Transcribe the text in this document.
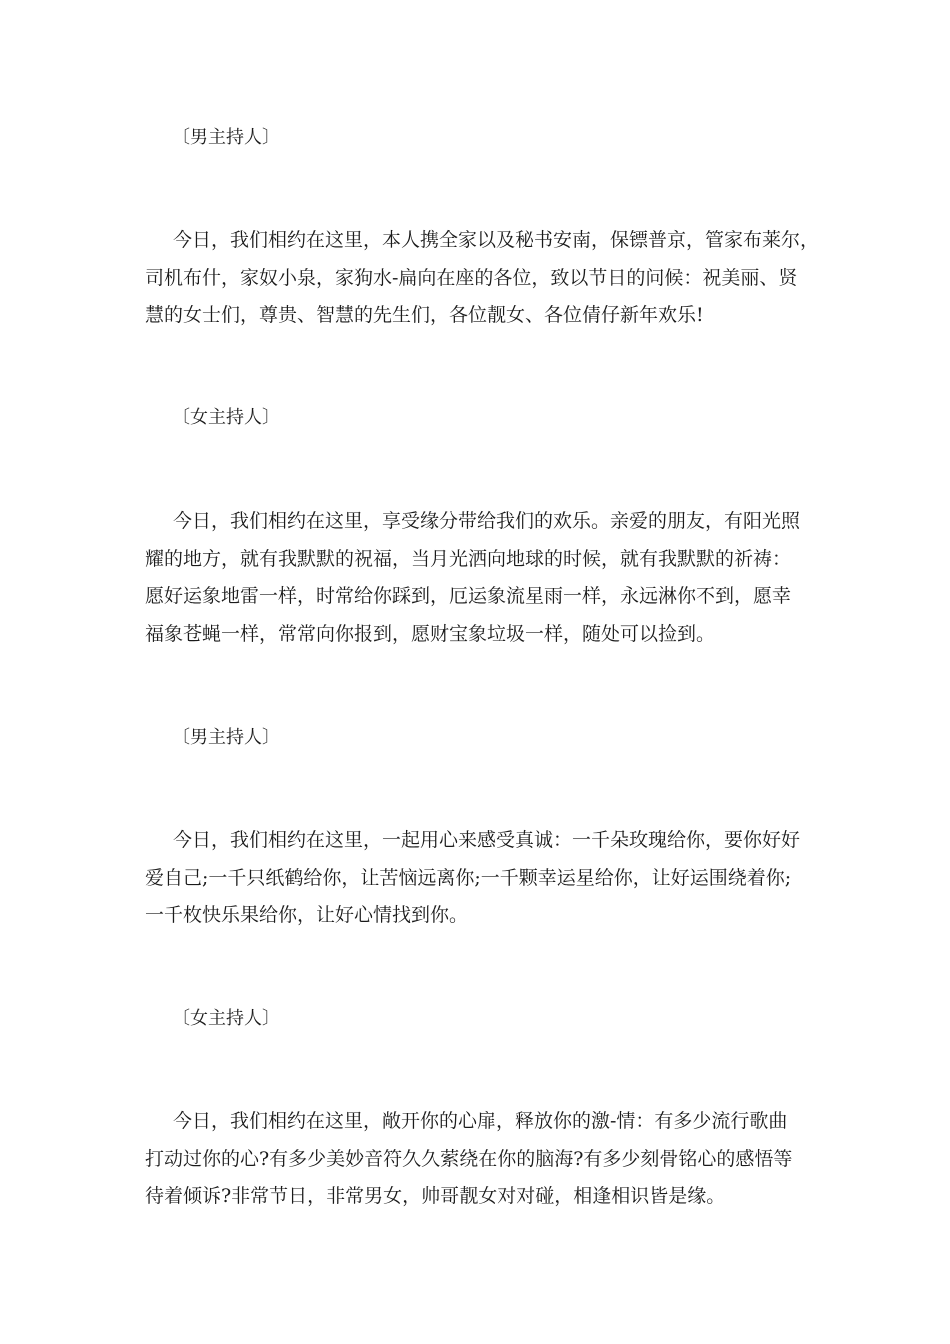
〔男主持人〕

今日，我们相约在这里，本人携全家以及秘书安南，保镖普京，管家布莱尔，
司机布什，家奴小泉，家狗水-扁向在座的各位，致以节日的问候：祝美丽、贤
慧的女士们，尊贵、智慧的先生们，各位靓女、各位倩仔新年欢乐!

〔女主持人〕

今日，我们相约在这里，享受缘分带给我们的欢乐。亲爱的朋友，有阳光照
耀的地方，就有我默默的祝福，当月光洒向地球的时候，就有我默默的祈祷：
愿好运象地雷一样，时常给你踩到，厄运象流星雨一样，永远淋你不到，愿幸
福象苍蝇一样，常常向你报到，愿财宝象垃圾一样，随处可以捡到。

〔男主持人〕

今日，我们相约在这里，一起用心来感受真诚：一千朵玫瑰给你，要你好好
爱自己;一千只纸鹤给你，让苦恼远离你;一千颗幸运星给你，让好运围绕着你;
一千枚快乐果给你，让好心情找到你。

〔女主持人〕

今日，我们相约在这里，敞开你的心扉，释放你的激-情：有多少流行歌曲
打动过你的心?有多少美妙音符久久萦绕在你的脑海?有多少刻骨铭心的感悟等
待着倾诉?非常节日，非常男女，帅哥靓女对对碰，相逢相识皆是缘。
